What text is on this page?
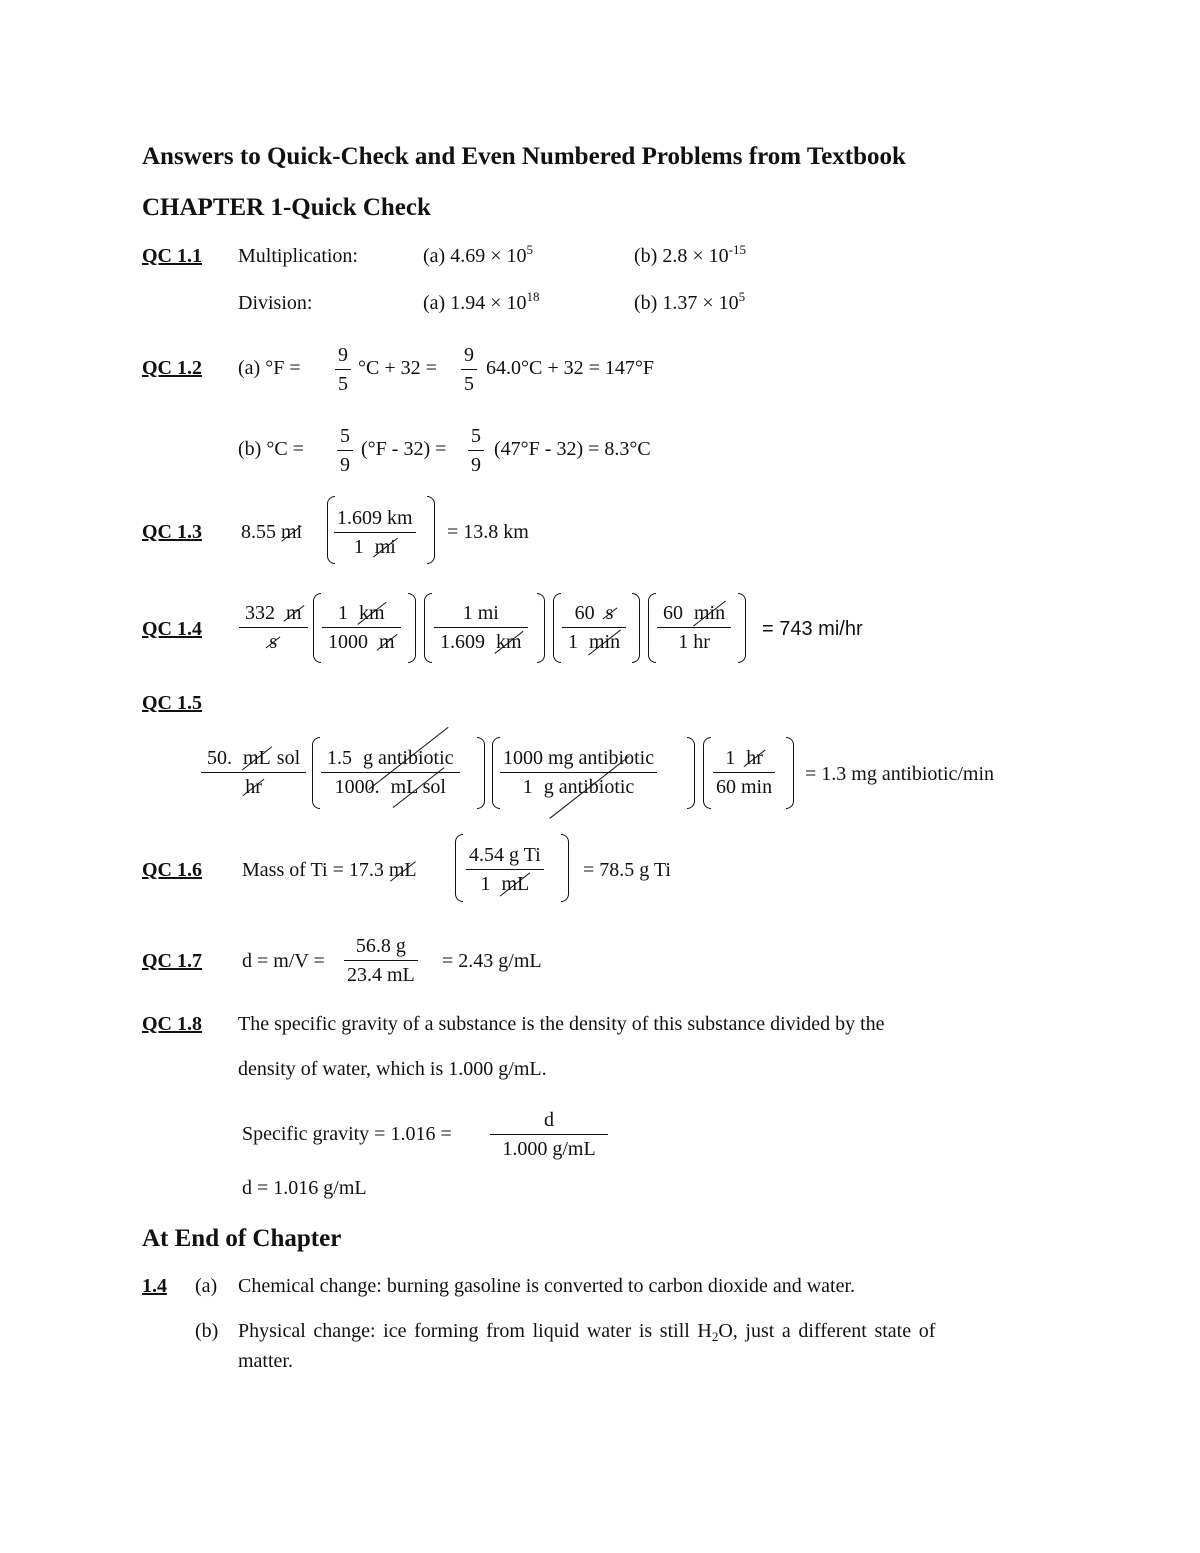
Answers to Quick-Check and Even Numbered Problems from Textbook
CHAPTER 1-Quick Check
QC 1.1 Multiplication:	(a) $4.69 \times 10^5$	(b) $2.8 \times 10^{-15}$
Division:	(a) $1.94 \times 10^{18}$	(b) $1.37 \times 10^5$
QC 1.2 (a) °F =
9
5
°C + 32 =
9
5
64.0°C + 32 = 147°F
(b) °C =
5
9
(°F - 32) =
5
9
(47°F - 32) = 8.3°C
QC 1.3 8.55 mi
1.609 km
1 mi
= 13.8 km
QC 1.4
332 m
s
1 km
1000 m
1 mi
1.609 km
60 s
1 min
60 min
1 hr
= 743 mi/hr
QC 1.5
50. mL sol
hr
1.5 g antibiotic
1000. mL sol
1000 mg antibiotic
1 g antibiotic
1 hr
60 min
= 1.3 mg antibiotic/min
QC 1.6 Mass of Ti = 17.3 mL
4.54 g Ti
1 mL
= 78.5 g Ti
QC 1.7 d = m/V =
56.8 g
23.4 mL
= 2.43 g/mL
QC 1.8 The specific gravity of a substance is the density of this substance divided by the
density of water, which is 1.000 g/mL.
Specific gravity = 1.016 =
d
1.000 g/mL
d = 1.016 g/mL
At End of Chapter
1.4 (a) Chemical change: burning gasoline is converted to carbon dioxide and water.
(b) Physical change: ice forming from liquid water is still $H_2O$, just a different state of
matter.
